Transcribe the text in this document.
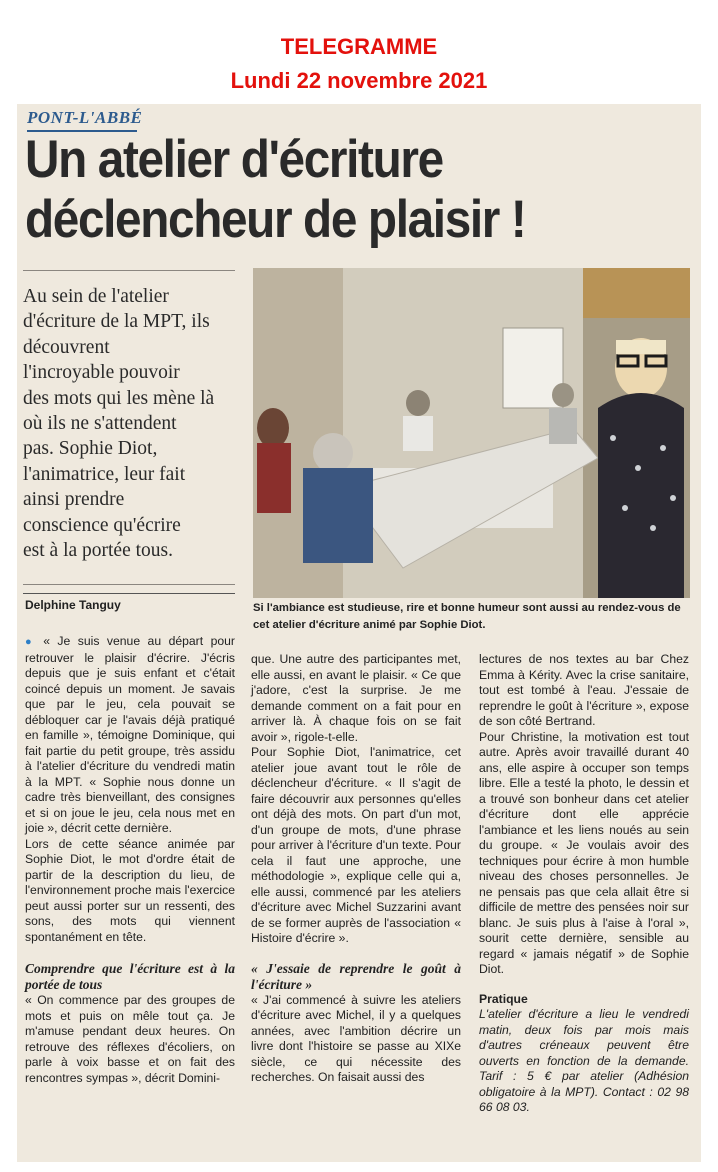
TELEGRAMME
Lundi 22 novembre 2021
PONT-L'ABBÉ
Un atelier d'écriture
déclencheur de plaisir !

Au sein de l'atelier

d'écriture de la MPT, ils

découvrent

l'incroyable pouvoir

des mots qui les mène là

où ils ne s'attendent

pas. Sophie Diot,

l'animatrice, leur fait

ainsi prendre

conscience qu'écrire

est à la portée tous.

Delphine Tanguy	Si l'ambiance est studieuse, rire et bonne humeur sont aussi au rendez-vous de cet atelier d'écriture animé par Sophie Diot.

● « Je suis venue au départ pour retrouver le plaisir d'écrire. J'écris depuis que je suis enfant et c'était coincé depuis un moment. Je savais que par le jeu, cela pouvait se débloquer car je l'avais déjà pratiqué en famille », témoigne Dominique, qui fait partie du petit groupe, très assidu à l'atelier d'écriture du vendredi matin à la MPT. « Sophie nous donne un cadre très bienveillant, des consignes et si on joue le jeu, cela nous met en joie », décrit cette dernière.

Lors de cette séance animée par Sophie Diot, le mot d'ordre était de partir de la description du lieu, de l'environnement proche mais l'exercice peut aussi porter sur un ressenti, des sons, des mots qui viennent spontanément en tête.

Comprendre que l'écriture est à la portée de tous

« On commence par des groupes de mots et puis on mêle tout ça. Je m'amuse pendant deux heures. On retrouve des réflexes d'écoliers, on parle à voix basse et on fait des rencontres sympas », décrit Domini-

que. Une autre des participantes met, elle aussi, en avant le plaisir. « Ce que j'adore, c'est la surprise. Je me demande comment on a fait pour en arriver là. À chaque fois on se fait avoir », rigole-t-elle.

Pour Sophie Diot, l'animatrice, cet atelier joue avant tout le rôle de déclencheur d'écriture. « Il s'agit de faire découvrir aux personnes qu'elles ont déjà des mots. On part d'un mot, d'un groupe de mots, d'une phrase pour arriver à l'écriture d'un texte. Pour cela il faut une approche, une méthodologie », explique celle qui a, elle aussi, commencé par les ateliers d'écriture avec Michel Suzzarini avant de se former auprès de l'association « Histoire d'écrire ».

« J'essaie de reprendre le goût à l'écriture »

« J'ai commencé à suivre les ateliers d'écriture avec Michel, il y a quelques années, avec l'ambition décrire un livre dont l'histoire se passe au XIXe siècle, ce qui nécessite des recherches. On faisait aussi des

lectures de nos textes au bar Chez Emma à Kérity. Avec la crise sanitaire, tout est tombé à l'eau. J'essaie de reprendre le goût à l'écriture », expose de son côté Bertrand.

Pour Christine, la motivation est tout autre. Après avoir travaillé durant 40 ans, elle aspire à occuper son temps libre. Elle a testé la photo, le dessin et a trouvé son bonheur dans cet atelier d'écriture dont elle apprécie l'ambiance et les liens noués au sein du groupe. « Je voulais avoir des techniques pour écrire à mon humble niveau des choses personnelles. Je ne pensais pas que cela allait être si difficile de mettre des pensées noir sur blanc. Je suis plus à l'aise à l'oral », sourit cette dernière, sensible au regard « jamais négatif » de Sophie Diot.

Pratique

L'atelier d'écriture a lieu le vendredi matin, deux fois par mois mais d'autres créneaux peuvent être ouverts en fonction de la demande. Tarif : 5 € par atelier (Adhésion obligatoire à la MPT). Contact : 02 98 66 08 03.
